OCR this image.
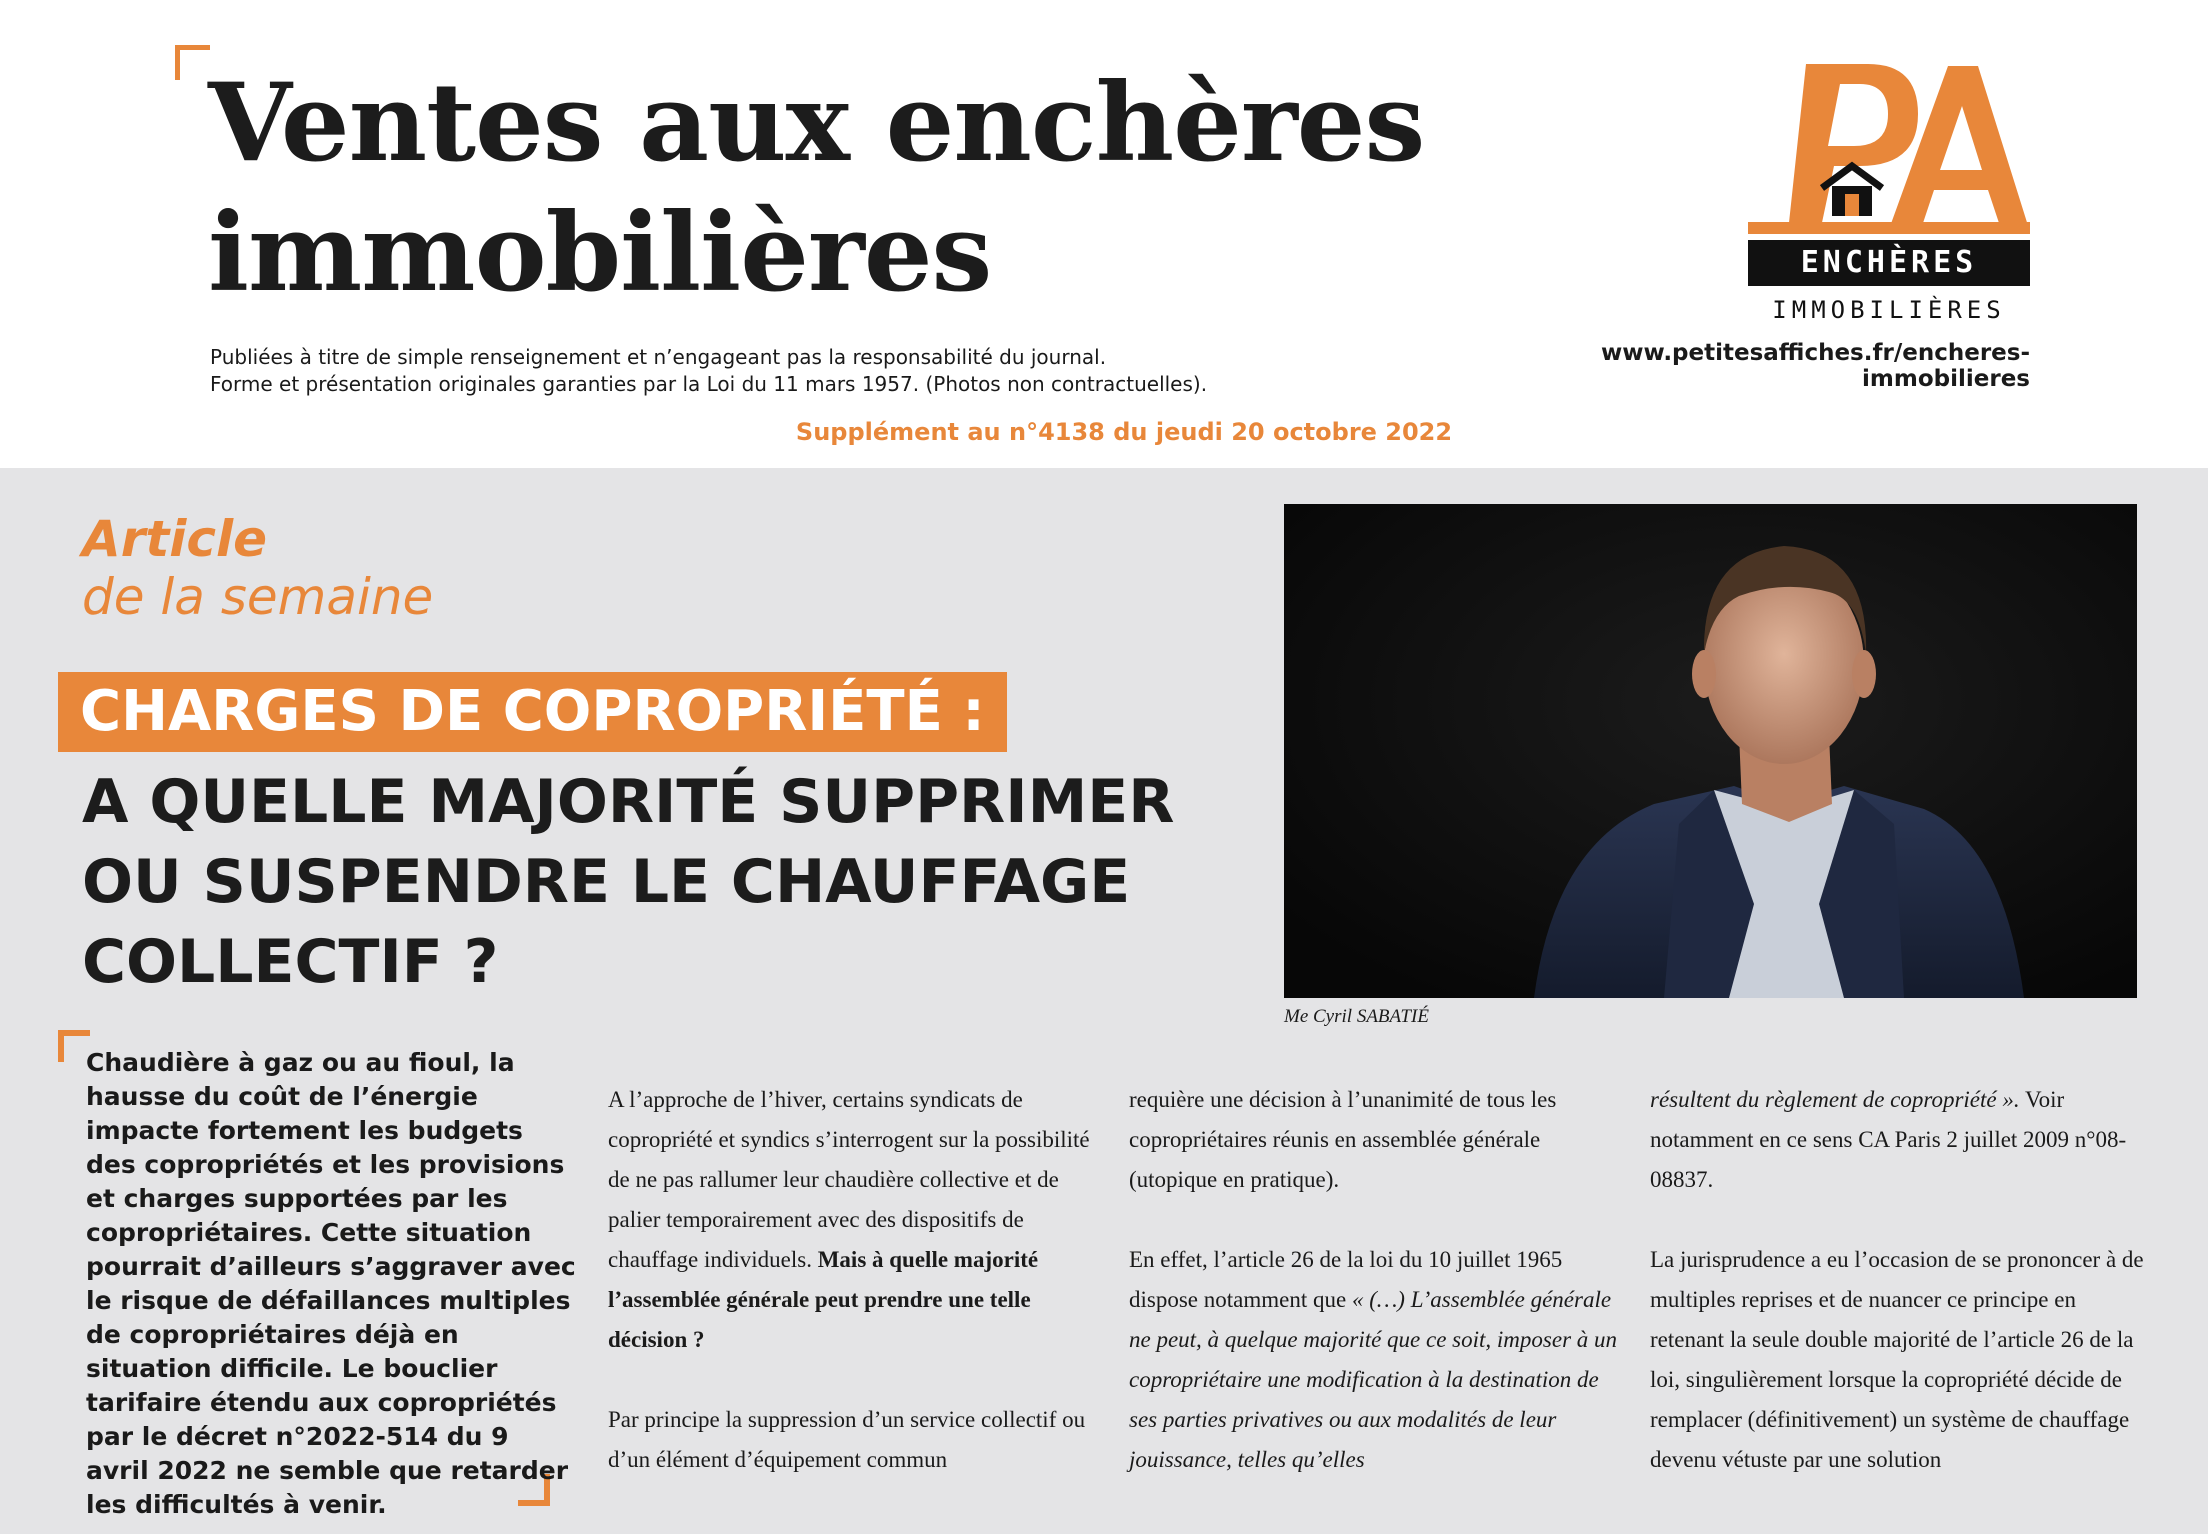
Ventes aux enchères
immobilières
Publiées à titre de simple renseignement et n’engageant pas la responsabilité du journal.
Forme et présentation originales garanties par la Loi du 11 mars 1957. (Photos non contractuelles).
Supplément au n°4138 du jeudi 20 octobre 2022
ENCHÈRES
IMMOBILIÈRES
www.petitesaffiches.fr/encheres-immobilieres
Article
de la semaine
CHARGES DE COPROPRIÉTÉ :
A QUELLE MAJORITÉ SUPPRIMER
OU SUSPENDRE LE CHAUFFAGE
COLLECTIF ?
Me Cyril SABATIÉ
Chaudière à gaz ou au fioul, la hausse du coût de l’énergie impacte fortement les budgets des copropriétés et les provisions et charges supportées par les copropriétaires. Cette situation pourrait d’ailleurs s’aggraver avec le risque de défaillances multiples de copropriétaires déjà en situation difficile. Le bouclier tarifaire étendu aux copropriétés par le décret n°2022-514 du 9 avril 2022 ne semble que retarder les difficultés à venir.

A l’approche de l’hiver, certains syndicats de copropriété et syndics s’interrogent sur la possibilité de ne pas rallumer leur chaudière collective et de palier temporairement avec des dispositifs de chauffage individuels. Mais à quelle majorité l’assemblée générale peut prendre une telle décision ?

Par principe la suppression d’un service collectif ou d’un élément d’équipement commun

requière une décision à l’unanimité de tous les copropriétaires réunis en assemblée générale (utopique en pratique).

En effet, l’article 26 de la loi du 10 juillet 1965 dispose notamment que « (…) L’assemblée générale ne peut, à quelque majorité que ce soit, imposer à un copropriétaire une modification à la destination de ses parties privatives ou aux modalités de leur jouissance, telles qu’elles

résultent du règlement de copropriété ». Voir notamment en ce sens CA Paris 2 juillet 2009 n°08-08837.

La jurisprudence a eu l’occasion de se prononcer à de multiples reprises et de nuancer ce principe en retenant la seule double majorité de l’article 26 de la loi, singulièrement lorsque la copropriété décide de remplacer (définitivement) un système de chauffage devenu vétuste par une solution
